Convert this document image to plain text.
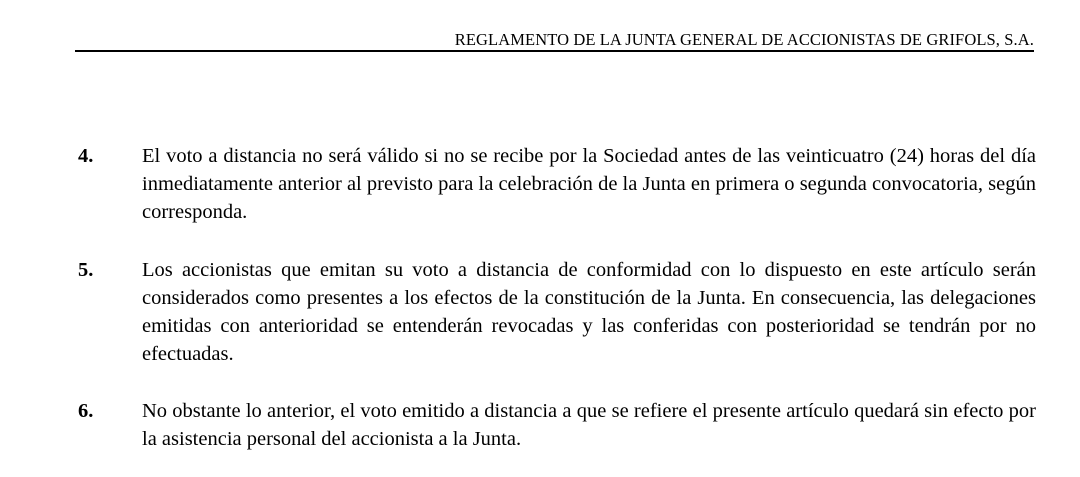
REGLAMENTO DE LA JUNTA GENERAL DE ACCIONISTAS DE GRIFOLS, S.A.
4. El voto a distancia no será válido si no se recibe por la Sociedad antes de las veinticuatro (24) horas del día inmediatamente anterior al previsto para la celebración de la Junta en primera o segunda convocatoria, según corresponda.

5. Los accionistas que emitan su voto a distancia de conformidad con lo dispuesto en este artículo serán considerados como presentes a los efectos de la constitución de la Junta. En consecuencia, las delegaciones emitidas con anterioridad se entenderán revocadas y las conferidas con posterioridad se tendrán por no efectuadas.

6. No obstante lo anterior, el voto emitido a distancia a que se refiere el presente artículo quedará sin efecto por la asistencia personal del accionista a la Junta.
